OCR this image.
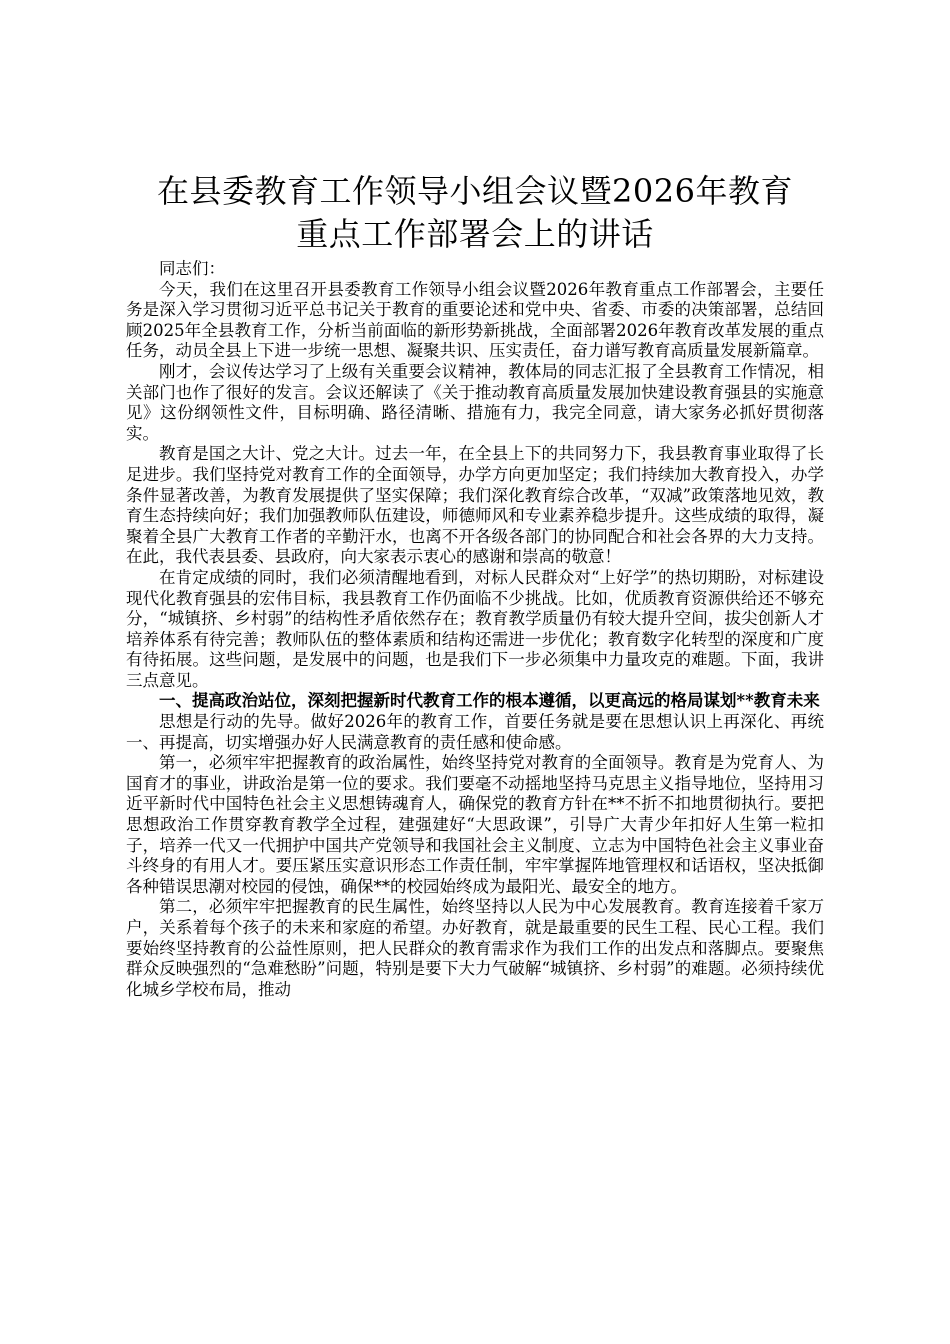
在县委教育工作领导小组会议暨2026年教育
重点工作部署会上的讲话

同志们：

今天，我们在这里召开县委教育工作领导小组会议暨2026年教育重点工作部署会，主要任务是深入学习贯彻习近平总书记关于教育的重要论述和党中央、省委、市委的决策部署，总结回顾2025年全县教育工作，分析当前面临的新形势新挑战，全面部署2026年教育改革发展的重点任务，动员全县上下进一步统一思想、凝聚共识、压实责任，奋力谱写教育高质量发展新篇章。

刚才，会议传达学习了上级有关重要会议精神，教体局的同志汇报了全县教育工作情况，相关部门也作了很好的发言。会议还解读了《关于推动教育高质量发展加快建设教育强县的实施意见》这份纲领性文件，目标明确、路径清晰、措施有力，我完全同意，请大家务必抓好贯彻落实。

教育是国之大计、党之大计。过去一年，在全县上下的共同努力下，我县教育事业取得了长足进步。我们坚持党对教育工作的全面领导，办学方向更加坚定；我们持续加大教育投入，办学条件显著改善，为教育发展提供了坚实保障；我们深化教育综合改革，“双减”政策落地见效，教育生态持续向好；我们加强教师队伍建设，师德师风和专业素养稳步提升。这些成绩的取得，凝聚着全县广大教育工作者的辛勤汗水，也离不开各级各部门的协同配合和社会各界的大力支持。在此，我代表县委、县政府，向大家表示衷心的感谢和崇高的敬意！

在肯定成绩的同时，我们必须清醒地看到，对标人民群众对“上好学”的热切期盼，对标建设现代化教育强县的宏伟目标，我县教育工作仍面临不少挑战。比如，优质教育资源供给还不够充分，“城镇挤、乡村弱”的结构性矛盾依然存在；教育教学质量仍有较大提升空间，拔尖创新人才培养体系有待完善；教师队伍的整体素质和结构还需进一步优化；教育数字化转型的深度和广度有待拓展。这些问题，是发展中的问题，也是我们下一步必须集中力量攻克的难题。下面，我讲三点意见。

一、提高政治站位，深刻把握新时代教育工作的根本遵循，以更高远的格局谋划**教育未来

思想是行动的先导。做好2026年的教育工作，首要任务就是要在思想认识上再深化、再统一、再提高，切实增强办好人民满意教育的责任感和使命感。

第一，必须牢牢把握教育的政治属性，始终坚持党对教育的全面领导。教育是为党育人、为国育才的事业，讲政治是第一位的要求。我们要毫不动摇地坚持马克思主义指导地位，坚持用习近平新时代中国特色社会主义思想铸魂育人，确保党的教育方针在**不折不扣地贯彻执行。要把思想政治工作贯穿教育教学全过程，建强建好“大思政课”，引导广大青少年扣好人生第一粒扣子，培养一代又一代拥护中国共产党领导和我国社会主义制度、立志为中国特色社会主义事业奋斗终身的有用人才。要压紧压实意识形态工作责任制，牢牢掌握阵地管理权和话语权，坚决抵御各种错误思潮对校园的侵蚀，确保**的校园始终成为最阳光、最安全的地方。

第二，必须牢牢把握教育的民生属性，始终坚持以人民为中心发展教育。教育连接着千家万户，关系着每个孩子的未来和家庭的希望。办好教育，就是最重要的民生工程、民心工程。我们要始终坚持教育的公益性原则，把人民群众的教育需求作为我们工作的出发点和落脚点。要聚焦群众反映强烈的“急难愁盼”问题，特别是要下大力气破解“城镇挤、乡村弱”的难题。必须持续优化城乡学校布局，推动
